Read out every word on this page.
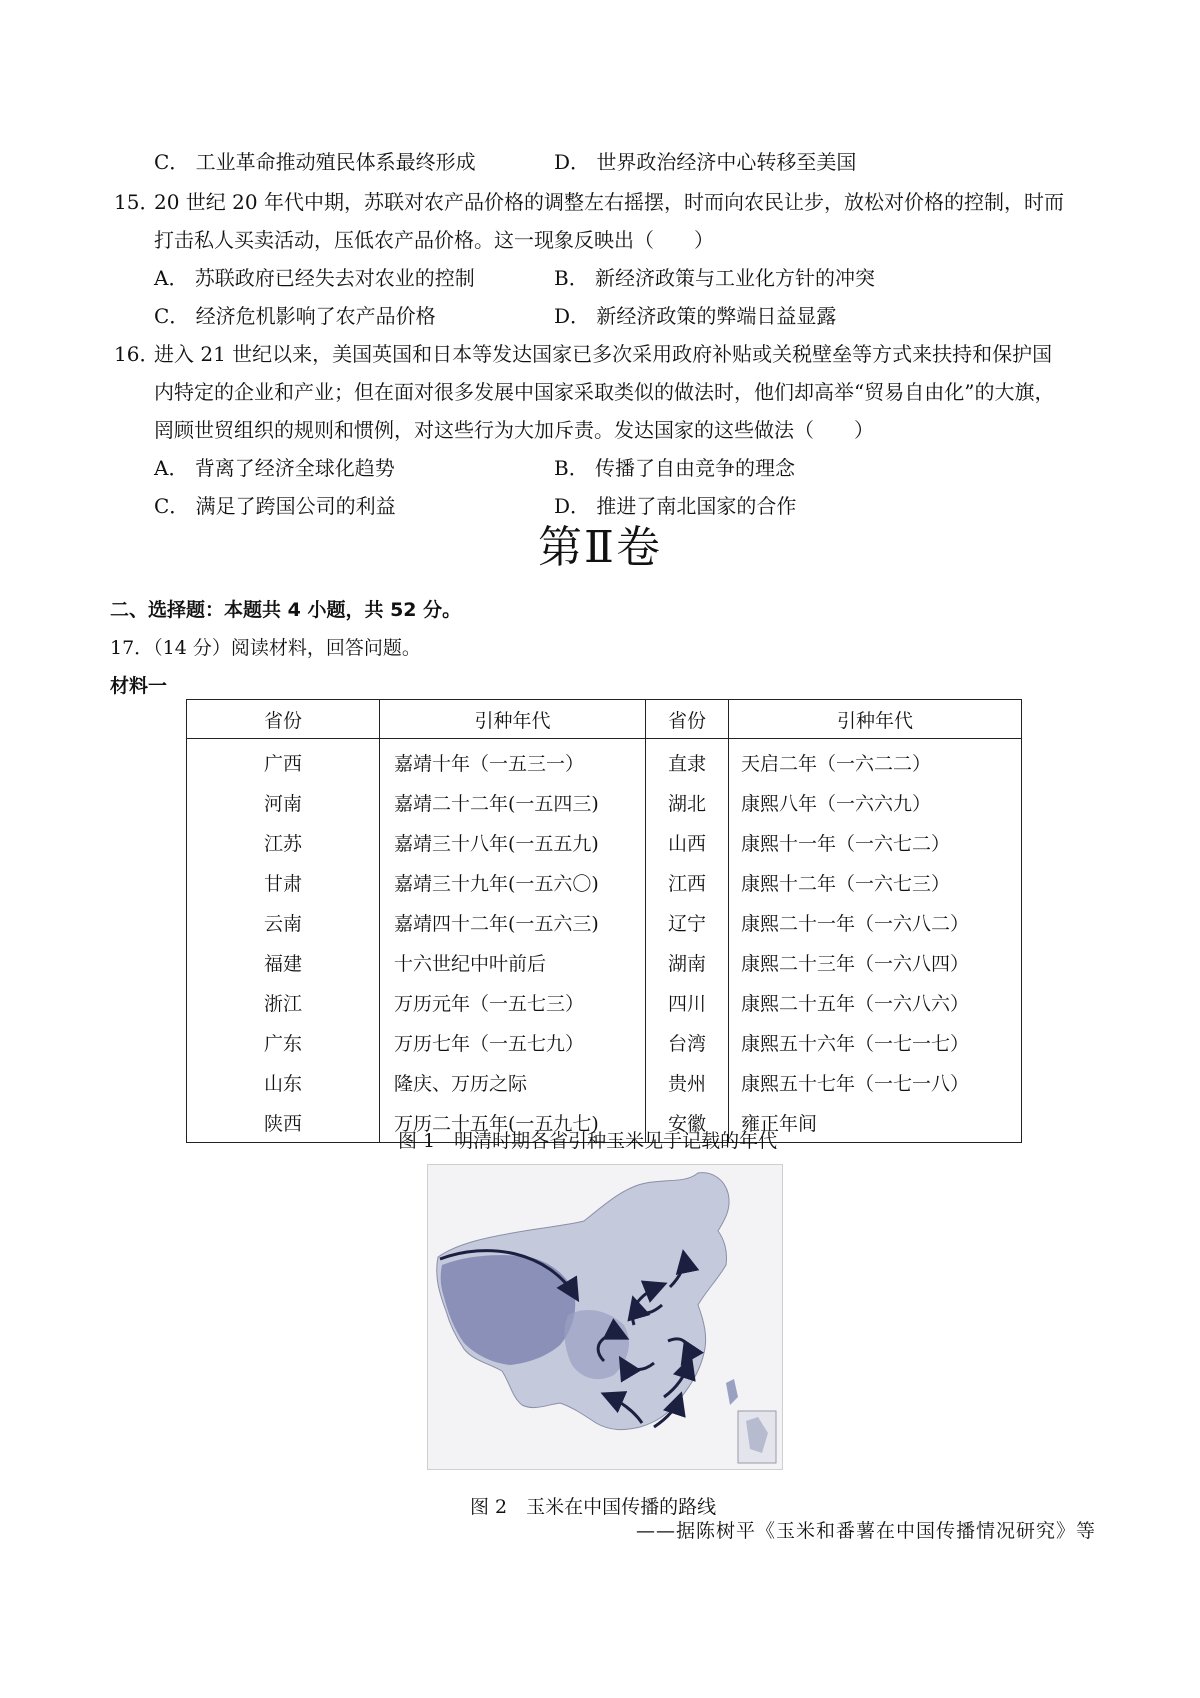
C． 工业革命推动殖民体系最终形成	D． 世界政治经济中心转移至美国
15．
20 世纪 20 年代中期，苏联对农产品价格的调整左右摇摆，时而向农民让步，放松对价格的控制，时而
打击私人买卖活动，压低农产品价格。这一现象反映出（　　）
A． 苏联政府已经失去对农业的控制	B． 新经济政策与工业化方针的冲突
C． 经济危机影响了农产品价格	D． 新经济政策的弊端日益显露
16．
进入 21 世纪以来，美国英国和日本等发达国家已多次采用政府补贴或关税壁垒等方式来扶持和保护国
内特定的企业和产业；但在面对很多发展中国家采取类似的做法时，他们却高举“贸易自由化”的大旗，
罔顾世贸组织的规则和惯例，对这些行为大加斥责。发达国家的这些做法（　　）
A． 背离了经济全球化趋势	B． 传播了自由竞争的理念
C． 满足了跨国公司的利益	D． 推进了南北国家的合作
第Ⅱ卷
二、选择题：本题共 4 小题，共 52 分。
17．（14 分）阅读材料，回答问题。
材料一
省份	引种年代	省份	引种年代
广西	嘉靖十年（一五三一）	直隶	天启二年（一六二二）
河南	嘉靖二十二年(一五四三)	湖北	康熙八年（一六六九）
江苏	嘉靖三十八年(一五五九)	山西	康熙十一年（一六七二）
甘肃	嘉靖三十九年(一五六〇)	江西	康熙十二年（一六七三）
云南	嘉靖四十二年(一五六三)	辽宁	康熙二十一年（一六八二）
福建	十六世纪中叶前后	湖南	康熙二十三年（一六八四）
浙江	万历元年（一五七三）	四川	康熙二十五年（一六八六）
广东	万历七年（一五七九）	台湾	康熙五十六年（一七一七）
山东	隆庆、万历之际	贵州	康熙五十七年（一七一八）
陕西	万历二十五年(一五九七)	安徽	雍正年间
图 1　明清时期各省引种玉米见于记载的年代
图 2　玉米在中国传播的路线
——据陈树平《玉米和番薯在中国传播情况研究》等
